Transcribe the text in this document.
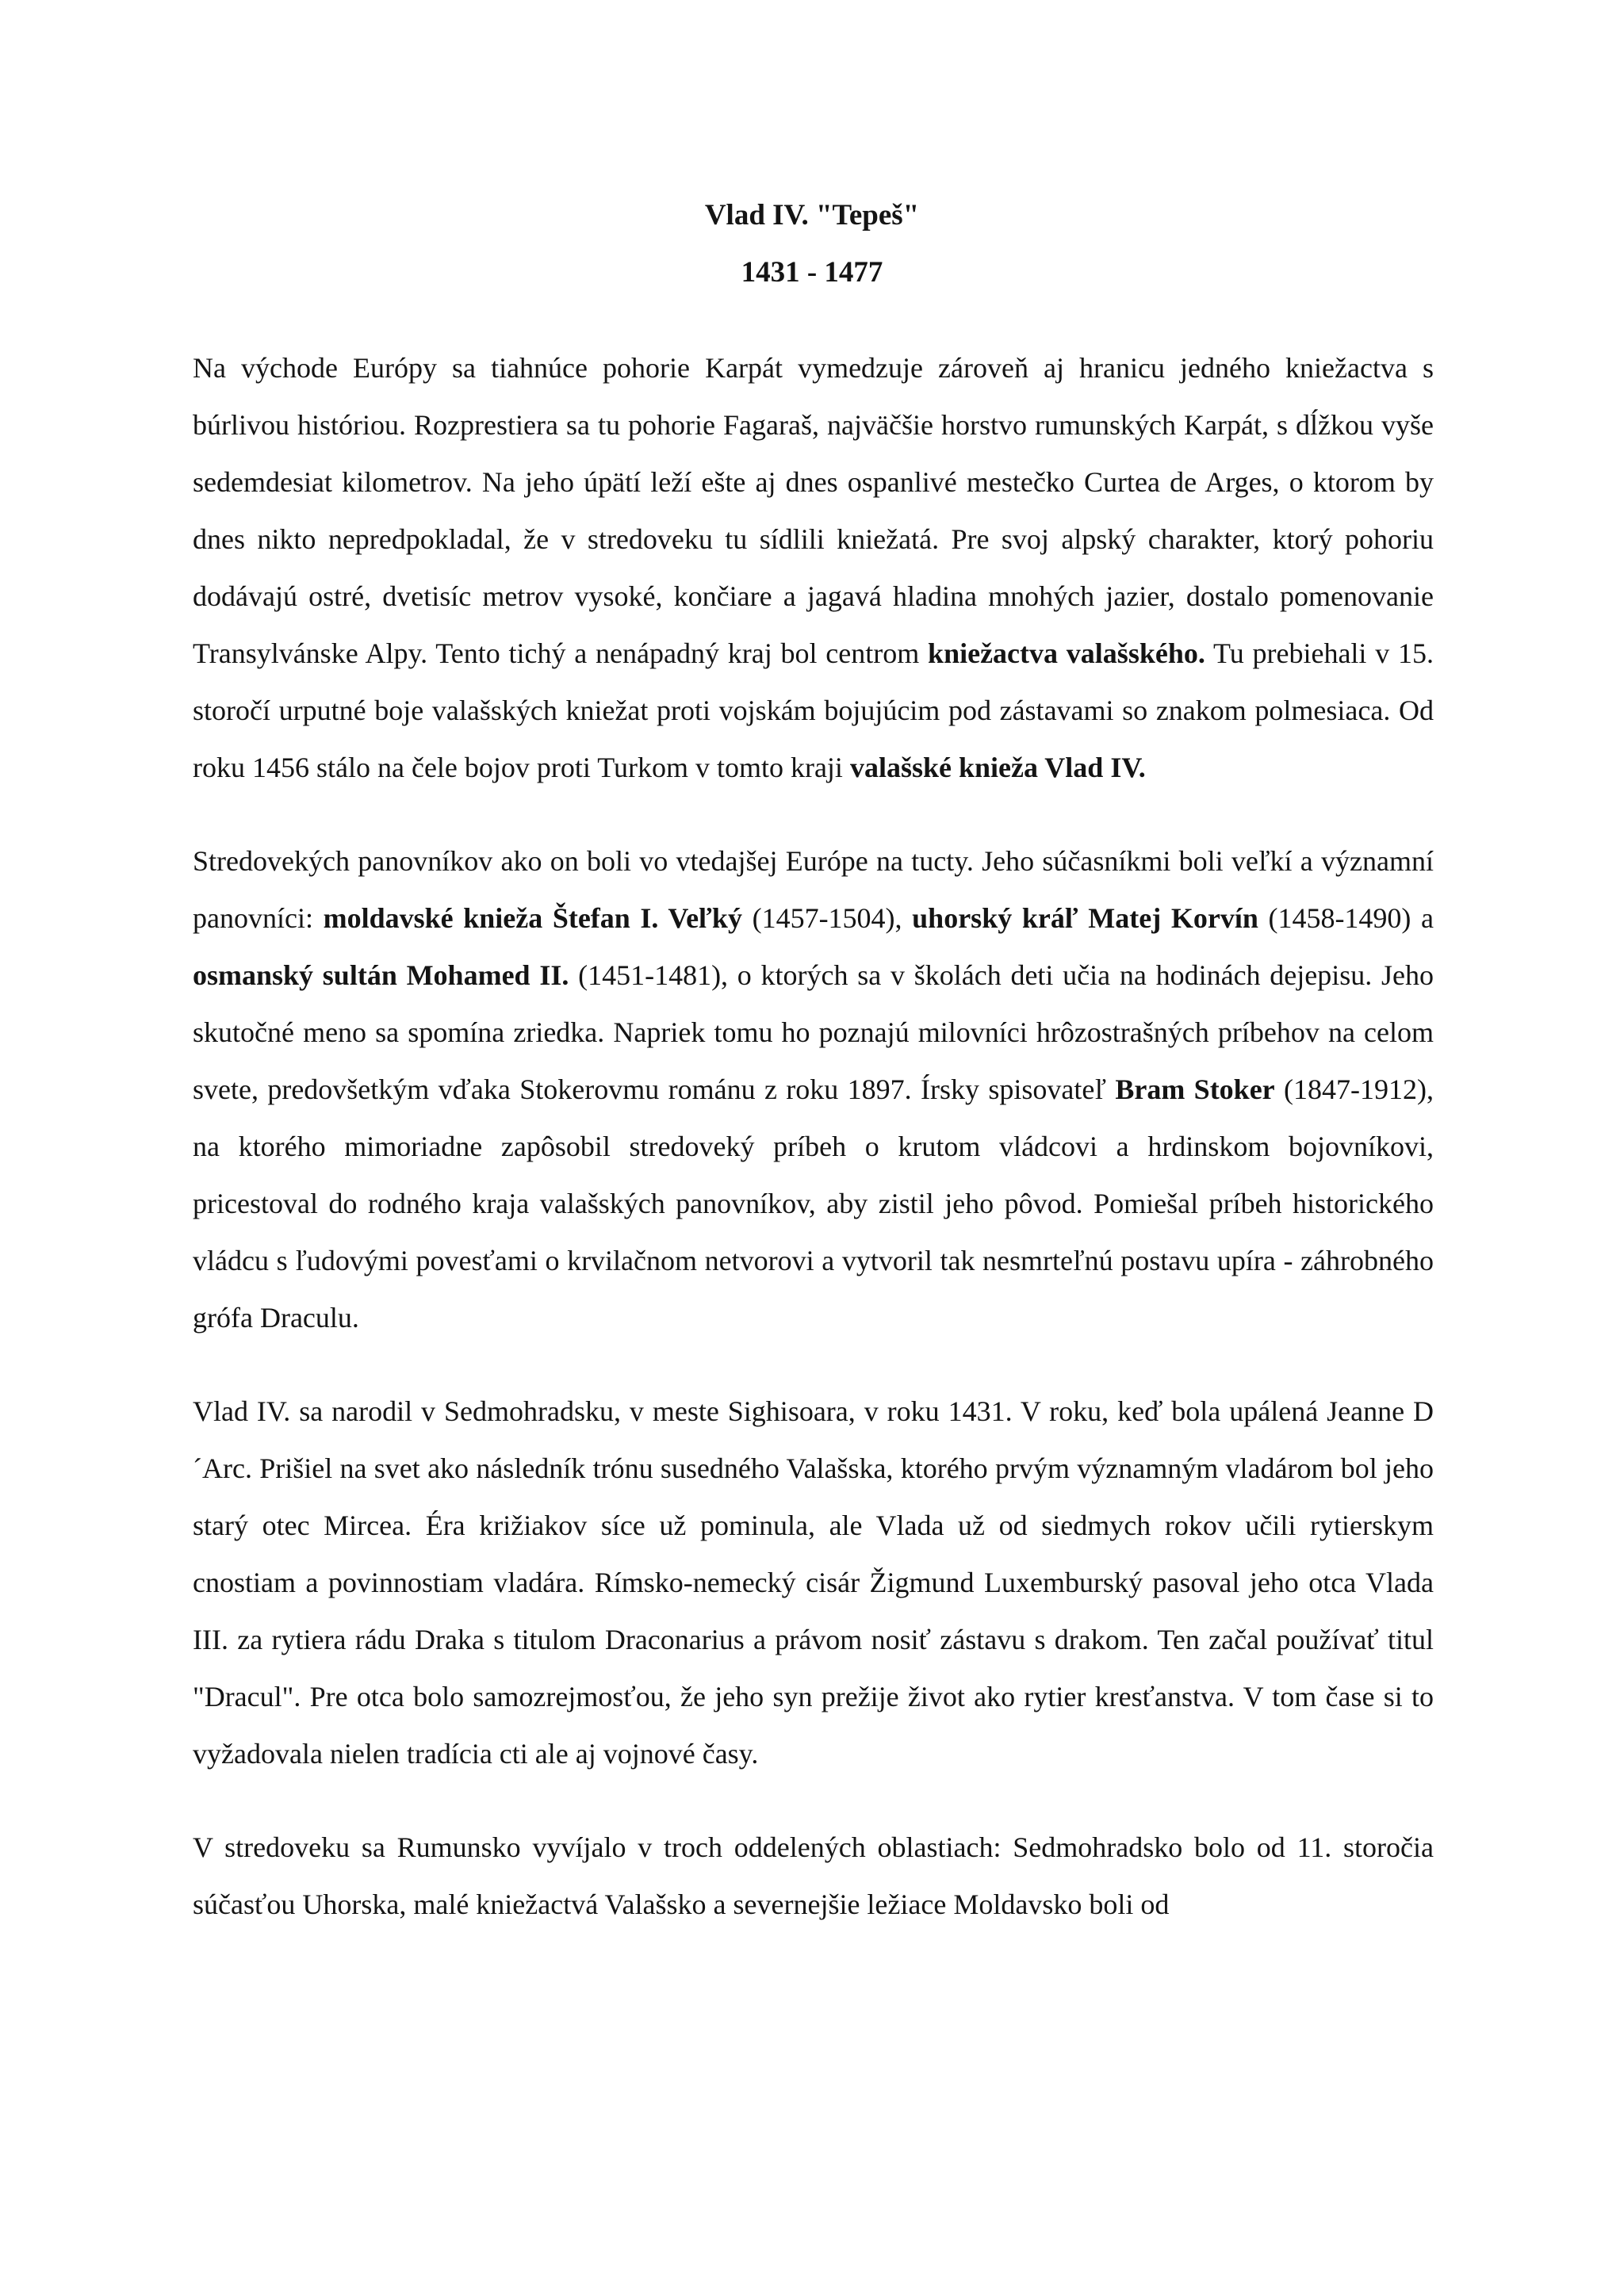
Vlad IV. "Tepeš"

1431 - 1477

Na východe Európy sa tiahnúce pohorie Karpát vymedzuje zároveň aj hranicu jedného kniežactva s búrlivou históriou. Rozprestiera sa tu pohorie Fagaraš, najväčšie horstvo rumunských Karpát, s dĺžkou vyše sedemdesiat kilometrov. Na jeho úpätí leží ešte aj dnes ospanlivé mestečko Curtea de Arges, o ktorom by dnes nikto nepredpokladal, že v stredoveku tu sídlili kniežatá. Pre svoj alpský charakter, ktorý pohoriu dodávajú ostré, dvetisíc metrov vysoké, končiare a jagavá hladina mnohých jazier, dostalo pomenovanie Transylvánske Alpy. Tento tichý a nenápadný kraj bol centrom kniežactva valašského. Tu prebiehali v 15. storočí urputné boje valašských kniežat proti vojskám bojujúcim pod zástavami so znakom polmesiaca. Od roku 1456 stálo na čele bojov proti Turkom v tomto kraji valašské knieža Vlad IV.

Stredovekých panovníkov ako on boli vo vtedajšej Európe na tucty. Jeho súčasníkmi boli veľkí a významní panovníci: moldavské knieža Štefan I. Veľký (1457-1504), uhorský kráľ Matej Korvín (1458-1490) a osmanský sultán Mohamed II. (1451-1481), o ktorých sa v školách deti učia na hodinách dejepisu. Jeho skutočné meno sa spomína zriedka. Napriek tomu ho poznajú milovníci hrôzostrašných príbehov na celom svete, predovšetkým vďaka Stokerovmu románu z roku 1897. Írsky spisovateľ Bram Stoker (1847-1912), na ktorého mimoriadne zapôsobil stredoveký príbeh o krutom vládcovi a hrdinskom bojovníkovi, pricestoval do rodného kraja valašských panovníkov, aby zistil jeho pôvod. Pomiešal príbeh historického vládcu s ľudovými povesťami o krvilačnom netvorovi a vytvoril tak nesmrteľnú postavu upíra - záhrobného grófa Draculu.

Vlad IV. sa narodil v Sedmohradsku, v meste Sighisoara, v roku 1431. V roku, keď bola upálená Jeanne D´Arc. Prišiel na svet ako následník trónu susedného Valašska, ktorého prvým významným vladárom bol jeho starý otec Mircea. Éra križiakov síce už pominula, ale Vlada už od siedmych rokov učili rytierskym cnostiam a povinnostiam vladára. Rímsko-nemecký cisár Žigmund Luxemburský pasoval jeho otca Vlada III. za rytiera rádu Draka s titulom Draconarius a právom nosiť zástavu s drakom. Ten začal používať titul "Dracul". Pre otca bolo samozrejmosťou, že jeho syn prežije život ako rytier kresťanstva. V tom čase si to vyžadovala nielen tradícia cti ale aj vojnové časy.

V stredoveku sa Rumunsko vyvíjalo v troch oddelených oblastiach: Sedmohradsko bolo od 11. storočia súčasťou Uhorska, malé kniežactvá Valašsko a severnejšie ležiace Moldavsko boli od
